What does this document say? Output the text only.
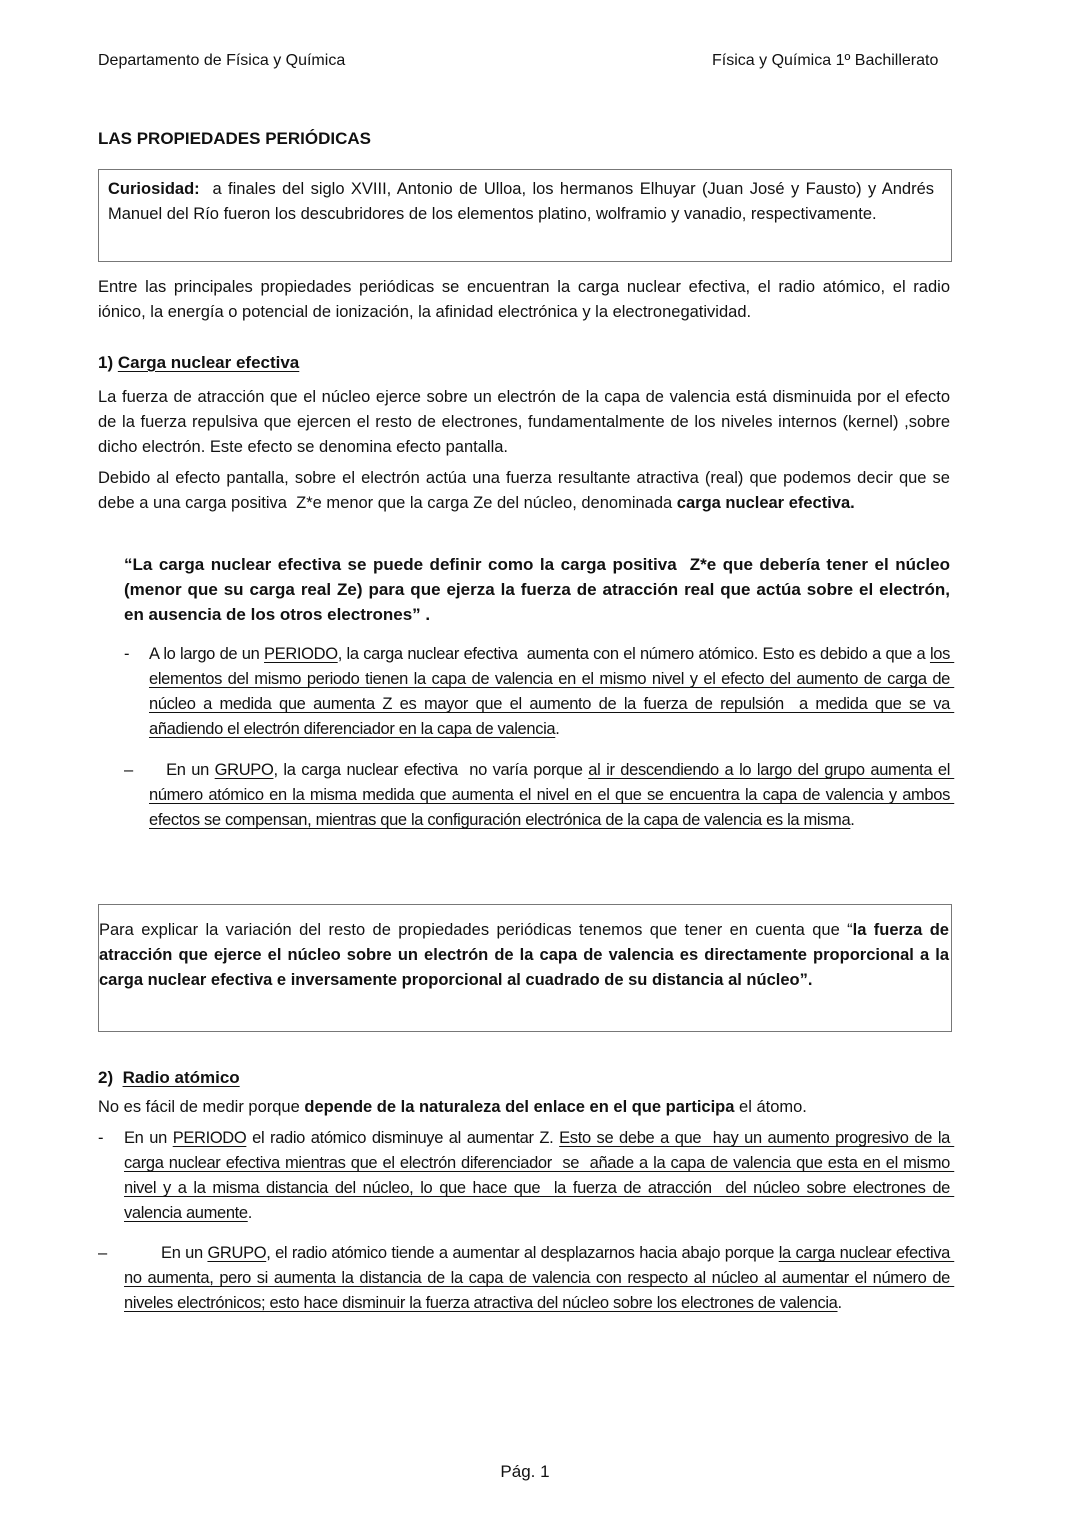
Departamento de Física y Química	Física y Química 1º Bachillerato
LAS PROPIEDADES PERIÓDICAS
Curiosidad:  a finales del siglo XVIII, Antonio de Ulloa, los hermanos Elhuyar (Juan José y Fausto) y Andrés Manuel del Río fueron los descubridores de los elementos platino, wolframio y vanadio, respectivamente.
Entre las principales propiedades periódicas se encuentran la carga nuclear efectiva, el radio atómico, el radio iónico, la energía o potencial de ionización, la afinidad electrónica y la electronegatividad.
1) Carga nuclear efectiva
La fuerza de atracción que el núcleo ejerce sobre un electrón de la capa de valencia está disminuida por el efecto de la fuerza repulsiva que ejercen el resto de electrones, fundamentalmente de los niveles internos (kernel) ,sobre dicho electrón. Este efecto se denomina efecto pantalla.
Debido al efecto pantalla, sobre el electrón actúa una fuerza resultante atractiva (real) que podemos decir que se debe a una carga positiva  Z*e menor que la carga Ze del núcleo, denominada carga nuclear efectiva.
“La carga nuclear efectiva se puede definir como la carga positiva  Z*e que debería tener el núcleo (menor que su carga real Ze) para que ejerza la fuerza de atracción real que actúa sobre el electrón, en ausencia de los otros electrones” .
- A lo largo de un PERIODO, la carga nuclear efectiva  aumenta con el número atómico. Esto es debido a que a los elementos del mismo periodo tienen la capa de valencia en el mismo nivel y el efecto del aumento de carga de núcleo a medida que aumenta Z es mayor que el aumento de la fuerza de repulsión  a medida que se va añadiendo el electrón diferenciador en la capa de valencia.
– En un GRUPO, la carga nuclear efectiva  no varía porque al ir descendiendo a lo largo del grupo aumenta el número atómico en la misma medida que aumenta el nivel en el que se encuentra la capa de valencia y ambos efectos se compensan, mientras que la configuración electrónica de la capa de valencia es la misma.
Para explicar la variación del resto de propiedades periódicas tenemos que tener en cuenta que “la fuerza de atracción que ejerce el núcleo sobre un electrón de la capa de valencia es directamente proporcional a la carga nuclear efectiva e inversamente proporcional al cuadrado de su distancia al núcleo”.
2)  Radio atómico
No es fácil de medir porque depende de la naturaleza del enlace en el que participa el átomo.
- En un PERIODO el radio atómico disminuye al aumentar Z. Esto se debe a que  hay un aumento progresivo de la carga nuclear efectiva mientras que el electrón diferenciador  se  añade a la capa de valencia que esta en el mismo nivel y a la misma distancia del núcleo, lo que hace que  la fuerza de atracción  del núcleo sobre electrones de valencia aumente.
– En un GRUPO, el radio atómico tiende a aumentar al desplazarnos hacia abajo porque la carga nuclear efectiva no aumenta, pero si aumenta la distancia de la capa de valencia con respecto al núcleo al aumentar el número de niveles electrónicos; esto hace disminuir la fuerza atractiva del núcleo sobre los electrones de valencia.
Pág. 1
